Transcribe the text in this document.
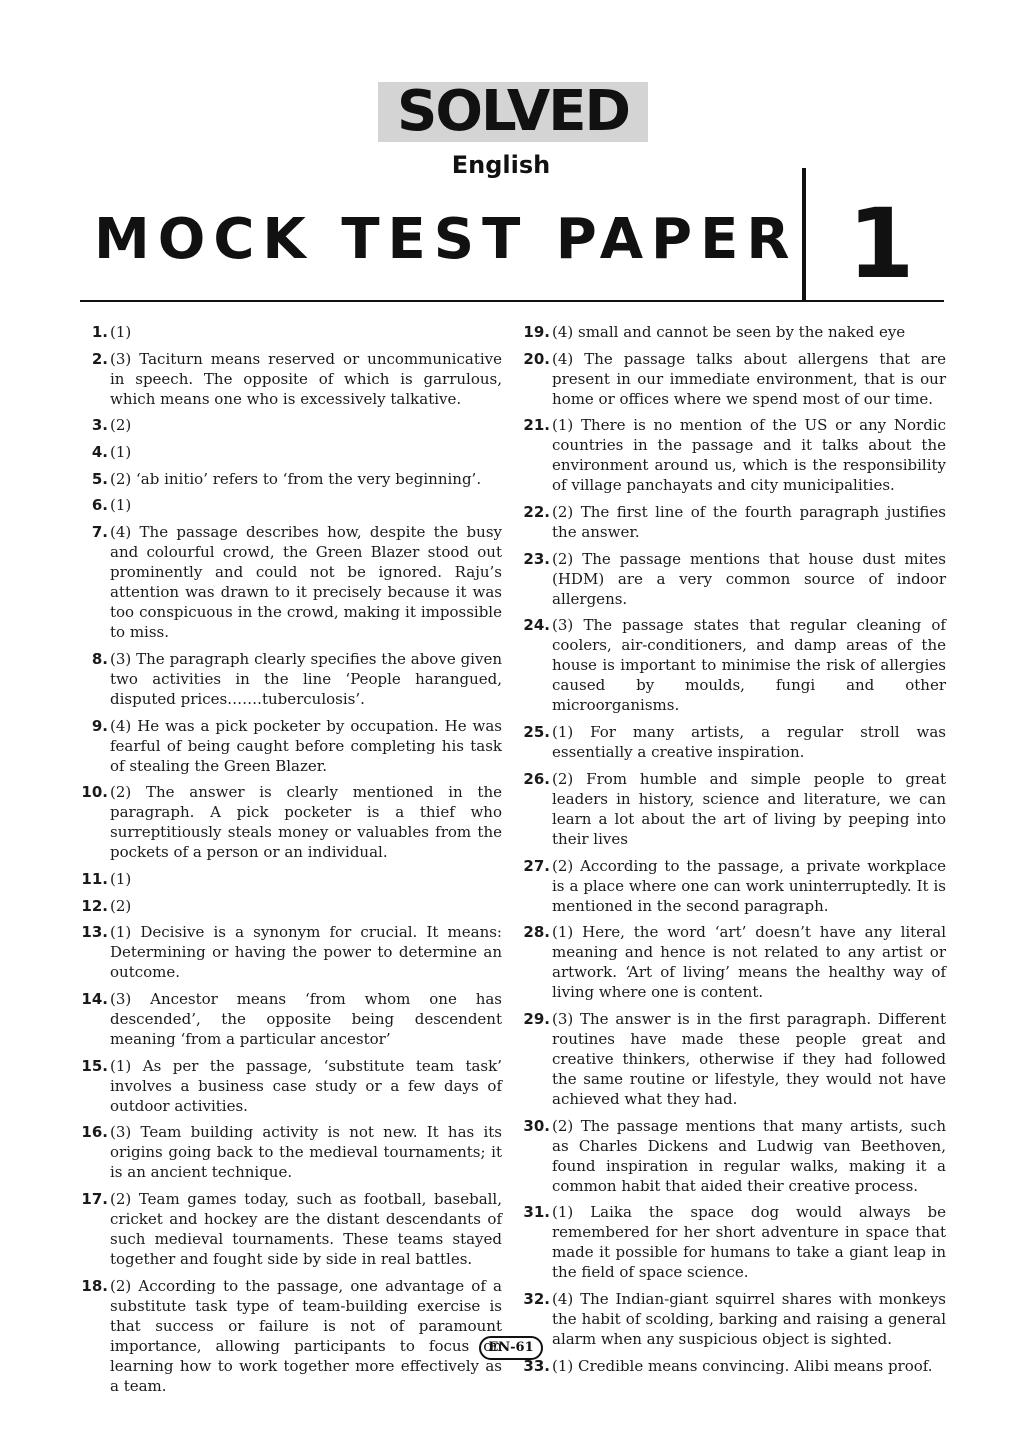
SOLVED
English
MOCK TEST PAPER 1
1. (1)
2. (3) Taciturn means reserved or uncommunicative in speech. The opposite of which is garrulous, which means one who is excessively talkative.
3. (2)
4. (1)
5. (2) ‘ab initio’ refers to ‘from the very beginning’.
6. (1)
7. (4) The passage describes how, despite the busy and colourful crowd, the Green Blazer stood out prominently and could not be ignored. Raju’s attention was drawn to it precisely because it was too conspicuous in the crowd, making it impossible to miss.
8. (3) The paragraph clearly specifies the above given two activities in the line ‘People harangued, disputed prices…….tuberculosis’.
9. (4) He was a pick pocketer by occupation. He was fearful of being caught before completing his task of stealing the Green Blazer.
10. (2) The answer is clearly mentioned in the paragraph. A pick pocketer is a thief who surreptitiously steals money or valuables from the pockets of a person or an individual.
11. (1)
12. (2)
13. (1) Decisive is a synonym for crucial. It means: Determining or having the power to determine an outcome.
14. (3) Ancestor means ‘from whom one has descended’, the opposite being descendent meaning ‘from a particular ancestor’
15. (1) As per the passage, ‘substitute team task’ involves a business case study or a few days of outdoor activities.
16. (3) Team building activity is not new. It has its origins going back to the medieval tournaments; it is an ancient technique.
17. (2) Team games today, such as football, baseball, cricket and hockey are the distant descendants of such medieval tournaments. These teams stayed together and fought side by side in real battles.
18. (2) According to the passage, one advantage of a substitute task type of team-building exercise is that success or failure is not of paramount importance, allowing participants to focus on learning how to work together more effectively as a team.
19. (4) small and cannot be seen by the naked eye
20. (4) The passage talks about allergens that are present in our immediate environment, that is our home or offices where we spend most of our time.
21. (1) There is no mention of the US or any Nordic countries in the passage and it talks about the environment around us, which is the responsibility of village panchayats and city municipalities.
22. (2) The first line of the fourth paragraph justifies the answer.
23. (2) The passage mentions that house dust mites (HDM) are a very common source of indoor allergens.
24. (3) The passage states that regular cleaning of coolers, air-conditioners, and damp areas of the house is important to minimise the risk of allergies caused by moulds, fungi and other microorganisms.
25. (1) For many artists, a regular stroll was essentially a creative inspiration.
26. (2) From humble and simple people to great leaders in history, science and literature, we can learn a lot about the art of living by peeping into their lives
27. (2) According to the passage, a private workplace is a place where one can work uninterruptedly. It is mentioned in the second paragraph.
28. (1) Here, the word ‘art’ doesn’t have any literal meaning and hence is not related to any artist or artwork. ‘Art of living’ means the healthy way of living where one is content.
29. (3) The answer is in the first paragraph. Different routines have made these people great and creative thinkers, otherwise if they had followed the same routine or lifestyle, they would not have achieved what they had.
30. (2) The passage mentions that many artists, such as Charles Dickens and Ludwig van Beethoven, found inspiration in regular walks, making it a common habit that aided their creative process.
31. (1) Laika the space dog would always be remembered for her short adventure in space that made it possible for humans to take a giant leap in the field of space science.
32. (4) The Indian-giant squirrel shares with monkeys the habit of scolding, barking and raising a general alarm when any suspicious object is sighted.
33. (1) Credible means convincing. Alibi means proof.
EN-61
